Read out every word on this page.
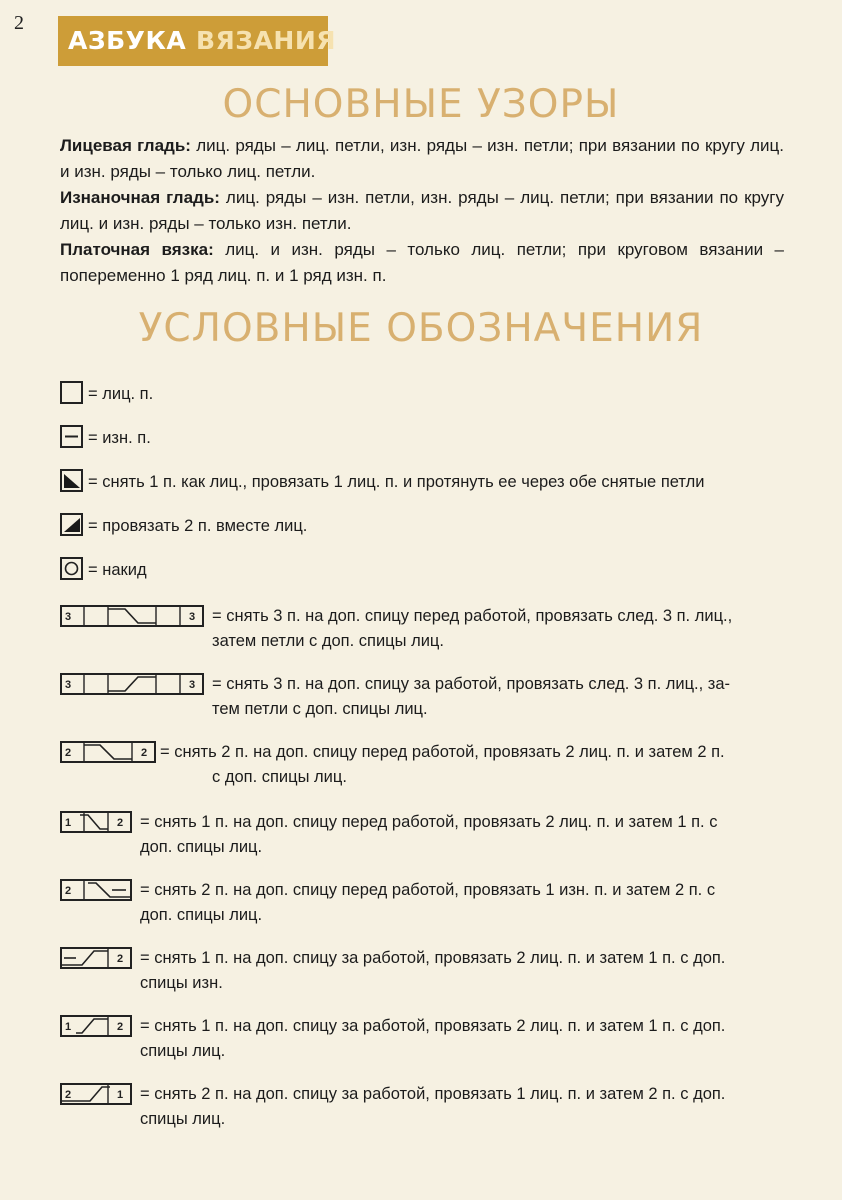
2
АЗБУКА ВЯЗАНИЯ
ОСНОВНЫЕ УЗОРЫ
Лицевая гладь: лиц. ряды – лиц. петли, изн. ряды – изн. петли; при вязании по кругу лиц. и изн. ряды – только лиц. петли.
Изнаночная гладь: лиц. ряды – изн. петли, изн. ряды – лиц. петли; при вязании по кругу лиц. и изн. ряды – только изн. петли.
Платочная вязка: лиц. и изн. ряды – только лиц. петли; при круговом вязании – попеременно 1 ряд лиц. п. и 1 ряд изн. п.
УСЛОВНЫЕ ОБОЗНАЧЕНИЯ
= лиц. п.
= изн. п.
= снять 1 п. как лиц., провязать 1 лиц. п. и протянуть ее через обе снятые петли
= провязать 2 п. вместе лиц.
= накид
3	3 = снять 3 п. на доп. спицу перед работой, провязать след. 3 п. лиц.,
затем петли с доп. спицы лиц.
3	3 = снять 3 п. на доп. спицу за работой, провязать след. 3 п. лиц., за-
тем петли с доп. спицы лиц.
2	2 = снять 2 п. на доп. спицу перед работой, провязать 2 лиц. п. и затем 2 п.
с доп. спицы лиц.
1	2 = снять 1 п. на доп. спицу перед работой, провязать 2 лиц. п. и затем 1 п. с
доп. спицы лиц.
2	= снять 2 п. на доп. спицу перед работой, провязать 1 изн. п. и затем 2 п. с
доп. спицы лиц.
2 = снять 1 п. на доп. спицу за работой, провязать 2 лиц. п. и затем 1 п. с доп.
спицы изн.
1	2 = снять 1 п. на доп. спицу за работой, провязать 2 лиц. п. и затем 1 п. с доп.
спицы лиц.
2	1 = снять 2 п. на доп. спицу за работой, провязать 1 лиц. п. и затем 2 п. с доп.
спицы лиц.
